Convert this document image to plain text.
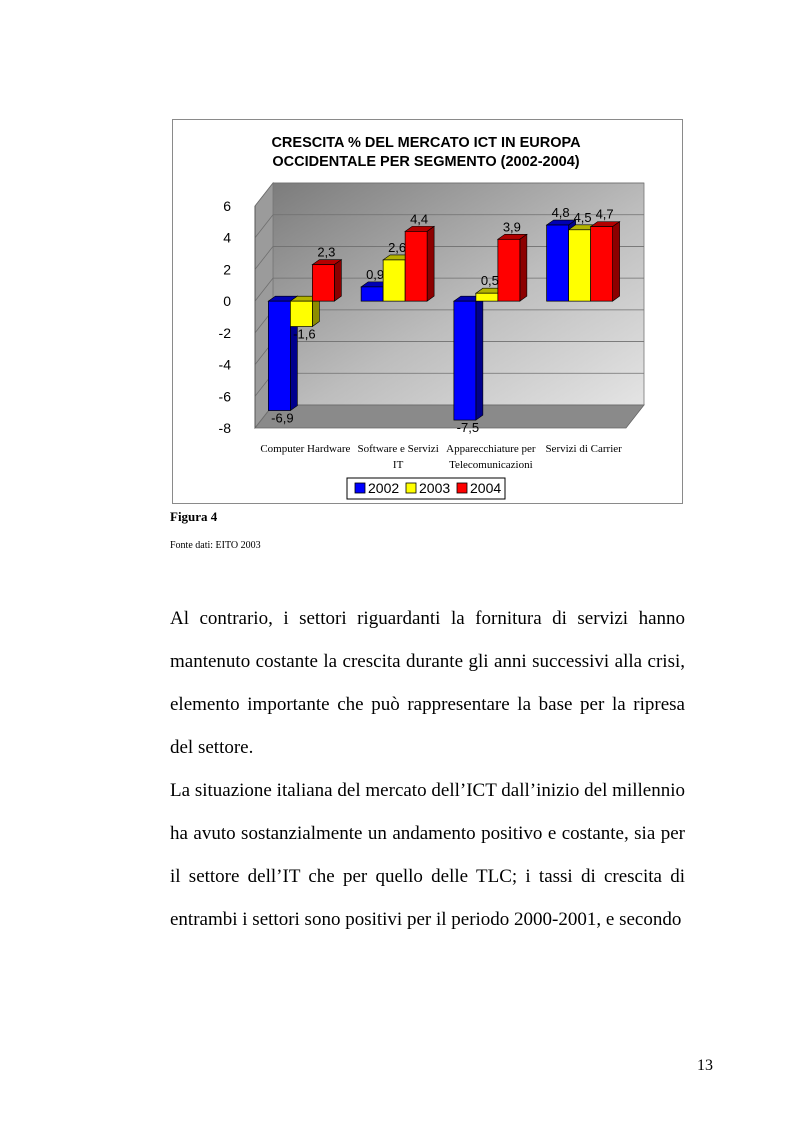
CRESCITA % DEL MERCATO ICT IN EUROPA
OCCIDENTALE PER SEGMENTO (2002-2004)
6
4
2
0
-2
-4
-6
-8
Computer Hardware Software e Servizi
IT
Apparecchiature per
Telecomunicazioni
Servizi di Carrier
-6,9
-1,6
2,3
0,9
2,6
4,4
-7,5
0,5
3,9
4,8 4,5 4,7
2002 2003 2004
Figura 4
Fonte dati: EITO 2003

Al contrario, i settori riguardanti la fornitura di servizi hanno mantenuto costante la crescita durante gli anni successivi alla crisi, elemento importante che può rappresentare la base per la ripresa del settore.

La situazione italiana del mercato dell’ICT dall’inizio del millennio ha avuto sostanzialmente un andamento positivo e costante, sia per il settore dell’IT che per quello delle TLC; i tassi di crescita di entrambi i settori sono positivi per il periodo 2000-2001, e secondo

13
